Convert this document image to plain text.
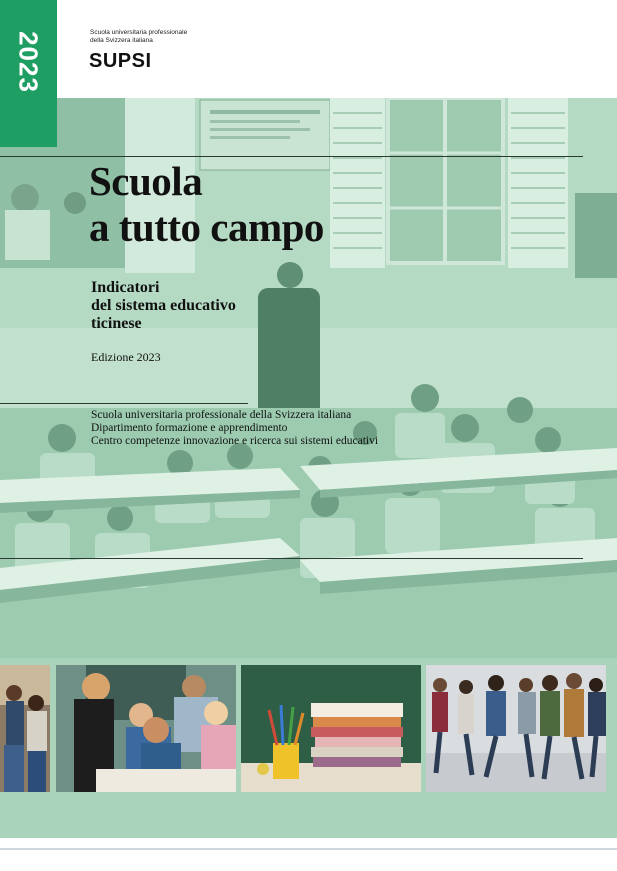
2023	Scuola universitaria professionale
della Svizzera italiana
SUPSI
Scuola
a tutto campo
Indicatori
del sistema educativo
ticinese
Edizione 2023
Scuola universitaria professionale della Svizzera italiana
Dipartimento formazione e apprendimento
Centro competenze innovazione e ricerca sui sistemi educativi
